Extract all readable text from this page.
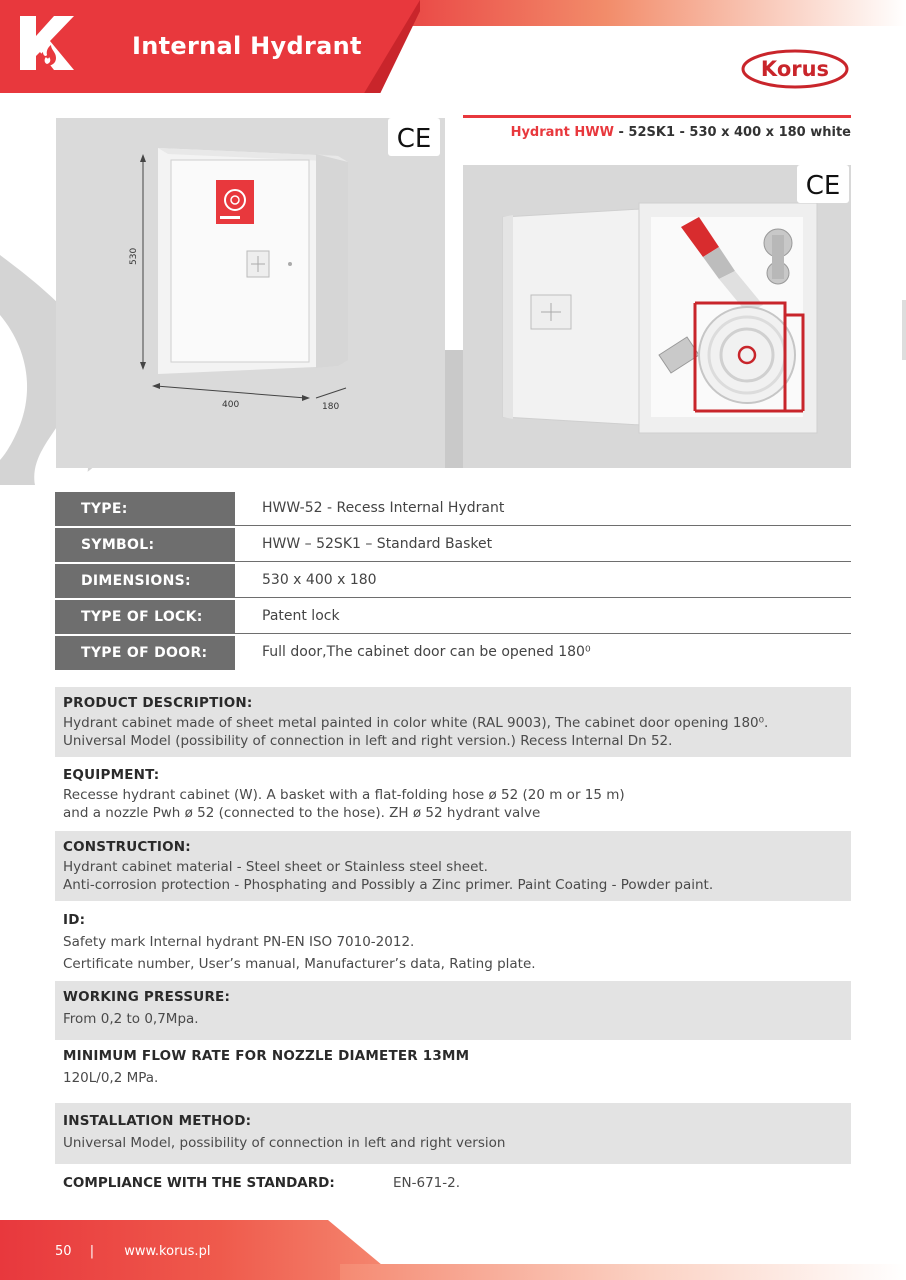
Internal Hydrant
Korus
530
400	180
CE	Hydrant HWW - 52SK1 - 530 x 400 x 180 white
CE
TYPE:	HWW-52 - Recess Internal Hydrant
SYMBOL:	HWW – 52SK1 – Standard Basket
DIMENSIONS:	530 x 400 x 180
TYPE OF LOCK:	Patent lock
TYPE OF DOOR:	Full door,The cabinet door can be opened 180⁰
PRODUCT DESCRIPTION:

Hydrant cabinet made of sheet metal painted in color white (RAL 9003), The cabinet door opening 180⁰.

Universal Model (possibility of connection in left and right version.) Recess Internal Dn 52.

EQUIPMENT:

Recesse hydrant cabinet (W). A basket with a flat-folding hose ø 52 (20 m or 15 m)

and a nozzle Pwh ø 52 (connected to the hose). ZH ø 52 hydrant valve

CONSTRUCTION:

Hydrant cabinet material - Steel sheet or Stainless steel sheet.

Anti-corrosion protection - Phosphating and Possibly a Zinc primer. Paint Coating - Powder paint.

ID:

Safety mark Internal hydrant PN-EN ISO 7010-2012.

Certificate number, User’s manual, Manufacturer’s data, Rating plate.

WORKING PRESSURE:

From 0,2 to 0,7Mpa.

MINIMUM FLOW RATE FOR NOZZLE DIAMETER 13MM

120L/0,2 MPa.

INSTALLATION METHOD:

Universal Model, possibility of connection in left and right version

COMPLIANCE WITH THE STANDARD:	EN-671-2.
50 | www.korus.pl
